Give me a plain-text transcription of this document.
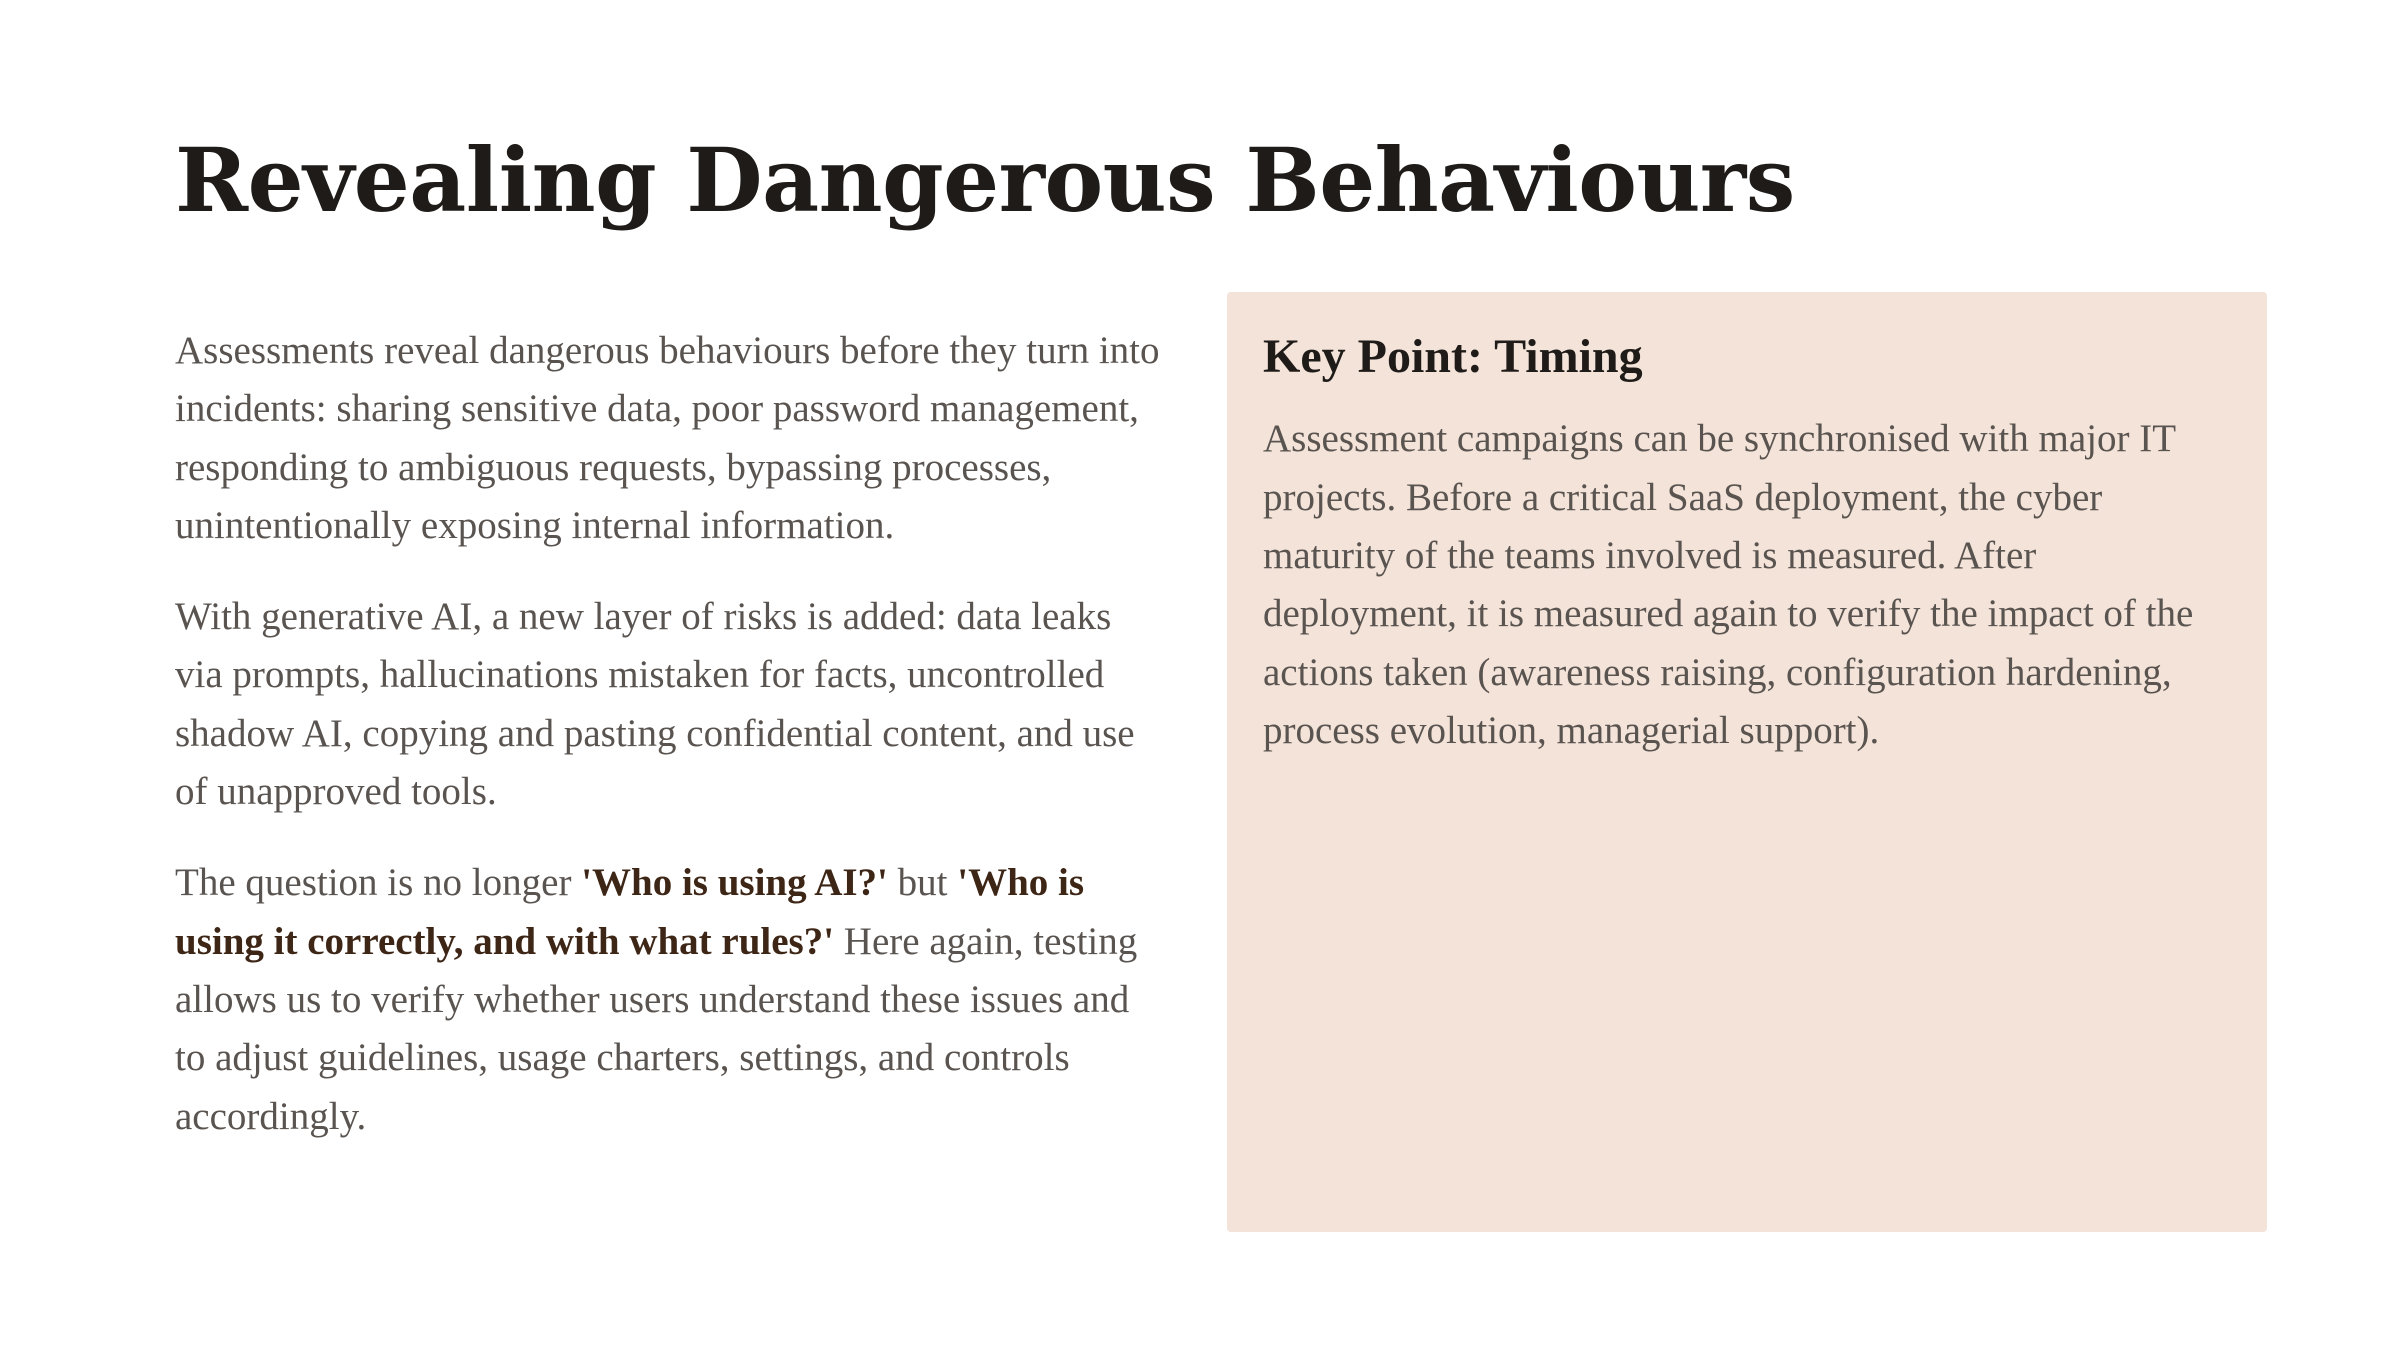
Revealing Dangerous Behaviours

Assessments reveal dangerous behaviours before they turn into incidents: sharing sensitive data, poor password management, responding to ambiguous requests, bypassing processes, unintentionally exposing internal information.

With generative AI, a new layer of risks is added: data leaks via prompts, hallucinations mistaken for facts, uncontrolled shadow AI, copying and pasting confidential content, and use of unapproved tools.

The question is no longer 'Who is using AI?' but 'Who is using it correctly, and with what rules?' Here again, testing allows us to verify whether users understand these issues and to adjust guidelines, usage charters, settings, and controls accordingly.

Key Point: Timing

Assessment campaigns can be synchronised with major IT projects. Before a critical SaaS deployment, the cyber maturity of the teams involved is measured. After deployment, it is measured again to verify the impact of the actions taken (awareness raising, configuration hardening, process evolution, managerial support).
